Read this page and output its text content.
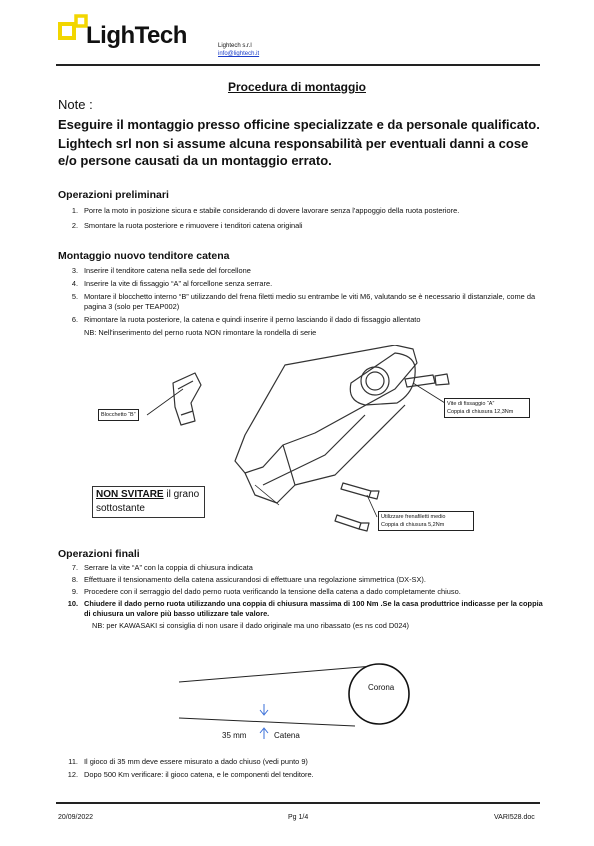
LighTech	Lightech s.r.l
info@lightech.it
Procedura di montaggio
Note :
Eseguire il montaggio presso officine specializzate e da personale qualificato.
Lightech srl non si assume alcuna responsabilità per eventuali danni a cose e/o persone causati da un montaggio errato.
Operazioni preliminari
1. Porre la moto in posizione sicura e stabile considerando di dovere lavorare senza l'appoggio della ruota posteriore.
2. Smontare la ruota posteriore e rimuovere i tenditori catena originali
Montaggio nuovo tenditore catena
3. Inserire il tenditore catena nella sede del forcellone
4. Inserire la vite di fissaggio “A” al forcellone senza serrare.
5. Montare il blocchetto interno “B” utilizzando del frena filetti medio su entrambe le viti M6, valutando se è necessario il distanziale, come da pagina 3 (solo per TEAP002)
6. Rimontare la ruota posteriore, la catena e quindi inserire il perno lasciando il dado di fissaggio allentato
NB: Nell'inserimento del perno ruota NON rimontare la rondella di serie
Blocchetto “B”
Vite di fissaggio “A”
Coppia di chiusura 12,3Nm
NON SVITARE il grano
sottostante
Utilizzare frenafiletti medio
Coppia di chiusura 5,2Nm
Operazioni finali
7. Serrare la vite “A” con la coppia di chiusura indicata
8. Effettuare il tensionamento della catena assicurandosi di effettuare una regolazione simmetrica (DX-SX).
9. Procedere con il serraggio del dado perno ruota verificando la tensione della catena a dado completamente chiuso.
10. Chiudere il dado perno ruota utilizzando una coppia di chiusura massima di 100 Nm .Se la casa produttrice indicasse per la coppia di chiusura un valore più basso utilizzare tale valore.
NB: per KAWASAKI si consiglia di non usare il dado originale ma uno ribassato (es ns cod D024)
Corona
35 mm	Catena
11. Il gioco di 35 mm deve essere misurato a dado chiuso (vedi punto 9)
12. Dopo 500 Km verificare: il gioco catena, e le componenti del tenditore.
20/09/2022	Pg 1/4	VARI528.doc
